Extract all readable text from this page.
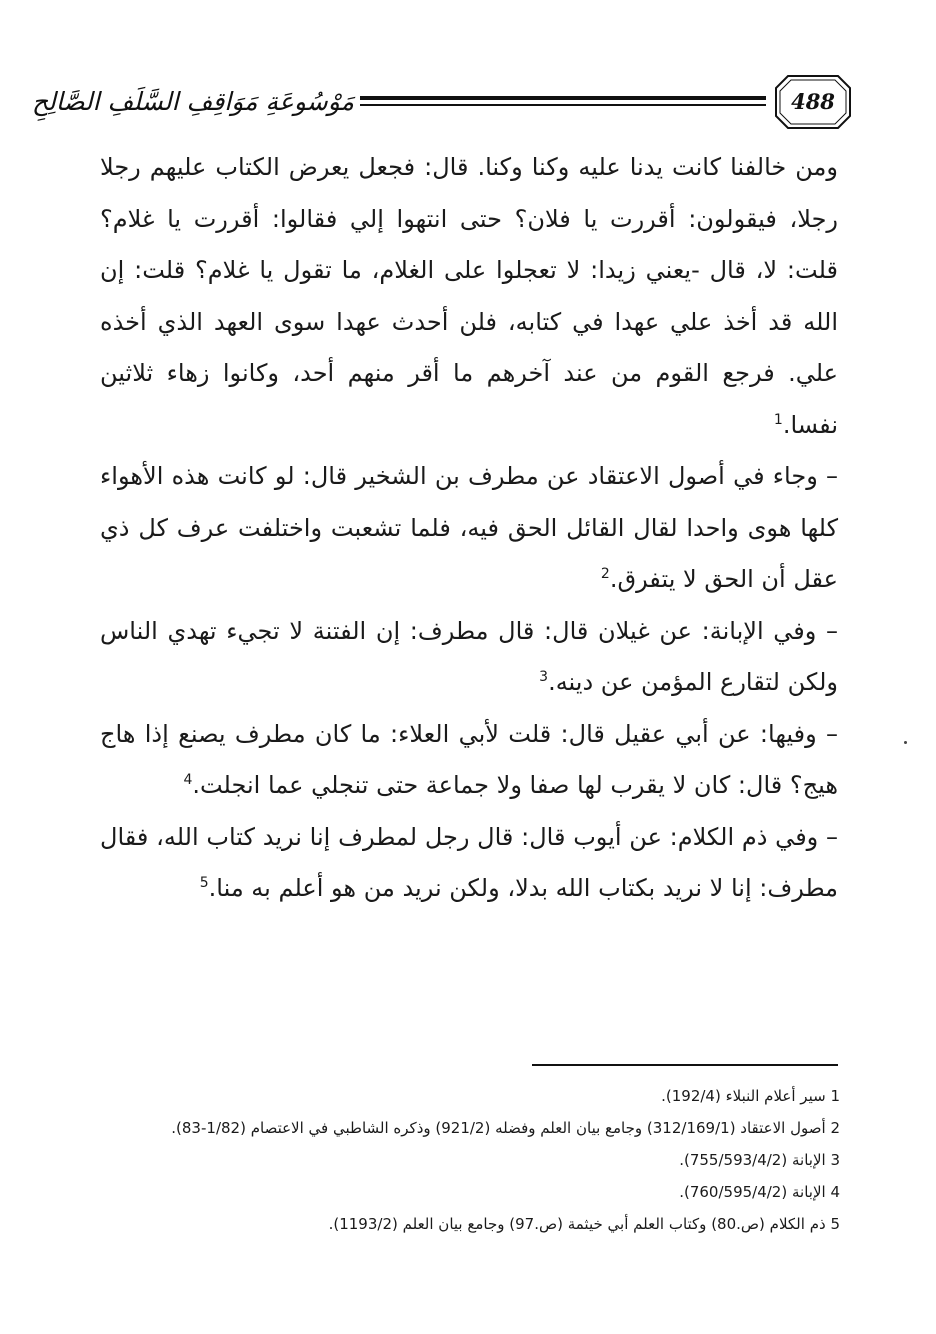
488
مَوْسُوعَةِ مَوَاقِفِ السَّلَفِ الصَّالِحِ

ومن خالفنا كانت يدنا عليه وكنا وكنا. قال: فجعل يعرض الكتاب عليهم رجلا رجلا، فيقولون: أقررت يا فلان؟ حتى انتهوا إلي فقالوا: أقررت يا غلام؟ قلت: لا، قال -يعني زيدا: لا تعجلوا على الغلام، ما تقول يا غلام؟ قلت: إن الله قد أخذ علي عهدا في كتابه، فلن أحدث عهدا سوى العهد الذي أخذه علي. فرجع القوم من عند آخرهم ما أقر منهم أحد، وكانوا زهاء ثلاثين نفسا.$^1$

– وجاء في أصول الاعتقاد عن مطرف بن الشخير قال: لو كانت هذه الأهواء كلها هوى واحدا لقال القائل الحق فيه، فلما تشعبت واختلفت عرف كل ذي عقل أن الحق لا يتفرق.$^2$

– وفي الإبانة: عن غيلان قال: قال مطرف: إن الفتنة لا تجيء تهدي الناس ولكن لتقارع المؤمن عن دينه.$^3$

– وفيها: عن أبي عقيل قال: قلت لأبي العلاء: ما كان مطرف يصنع إذا هاج هيج؟ قال: كان لا يقرب لها صفا ولا جماعة حتى تنجلي عما انجلت.$^4$

– وفي ذم الكلام: عن أيوب قال: قال رجل لمطرف إنا نريد كتاب الله، فقال مطرف: إنا لا نريد بكتاب الله بدلا، ولكن نريد من هو أعلم به منا.$^5$

1 سير أعلام النبلاء (192/4).
2 أصول الاعتقاد (312/169/1) وجامع بيان العلم وفضله (921/2) وذكره الشاطبي في الاعتصام (1/82-83).
3 الإبانة (755/593/4/2).
4 الإبانة (760/595/4/2).
5 ذم الكلام (ص.80) وكتاب العلم أبي خيثمة (ص.97) وجامع بيان العلم (1193/2).
